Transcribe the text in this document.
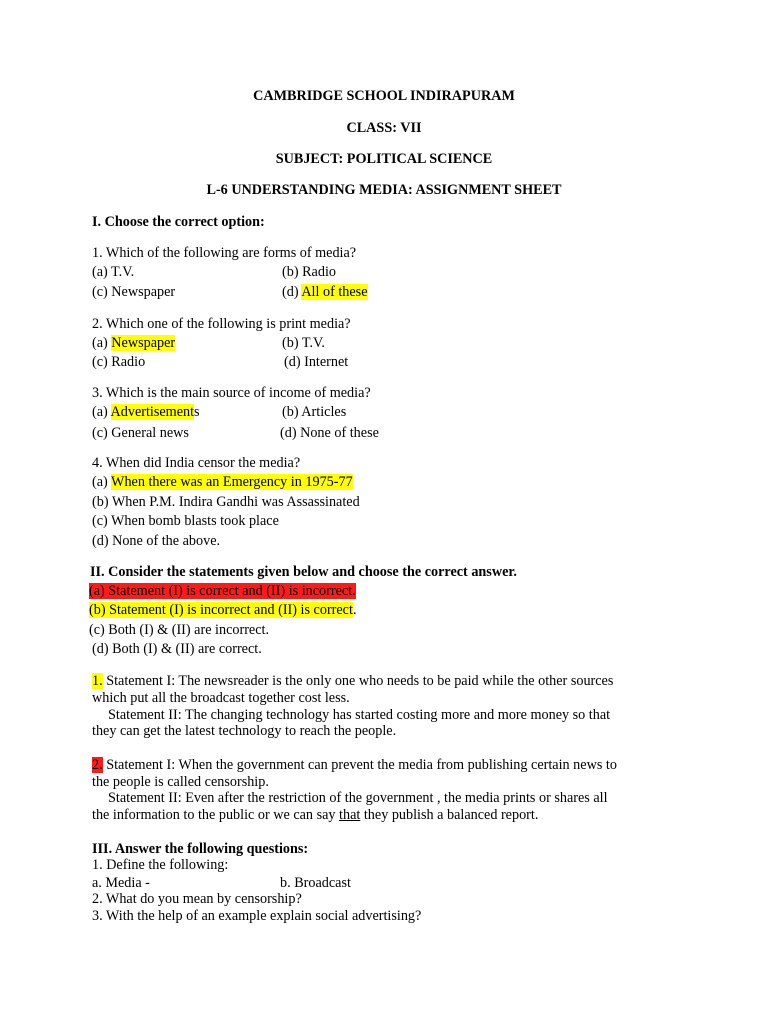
CAMBRIDGE SCHOOL INDIRAPURAM
CLASS: VII
SUBJECT: POLITICAL SCIENCE
L-6 UNDERSTANDING MEDIA: ASSIGNMENT SHEET
I. Choose the correct option:
1. Which of the following are forms of media?
(a) T.V.	(b) Radio
(c) Newspaper	(d) All of these
2. Which one of the following is print media?
(a) Newspaper	(b) T.V.
(c) Radio	(d) Internet
3. Which is the main source of income of media?
(a) Advertisements	(b) Articles
(c) General news	(d) None of these
4. When did India censor the media?
(a) When there was an Emergency in 1975-77
(b) When P.M. Indira Gandhi was Assassinated
(c) When bomb blasts took place
(d) None of the above.
II. Consider the statements given below and choose the correct answer.
(a) Statement (I) is correct and (II) is incorrect.
(b) Statement (I) is incorrect and (II) is correct.
(c) Both (I) & (II) are incorrect.
(d) Both (I) & (II) are correct.
1. Statement I: The newsreader is the only one who needs to be paid while the other sources
which put all the broadcast together cost less.
Statement II: The changing technology has started costing more and more money so that
they can get the latest technology to reach the people.
2. Statement I: When the government can prevent the media from publishing certain news to
the people is called censorship.
Statement II: Even after the restriction of the government , the media prints or shares all
the information to the public or we can say that they publish a balanced report.
III. Answer the following questions:
1. Define the following:
a. Media -	b. Broadcast
2. What do you mean by censorship?
3. With the help of an example explain social advertising?
